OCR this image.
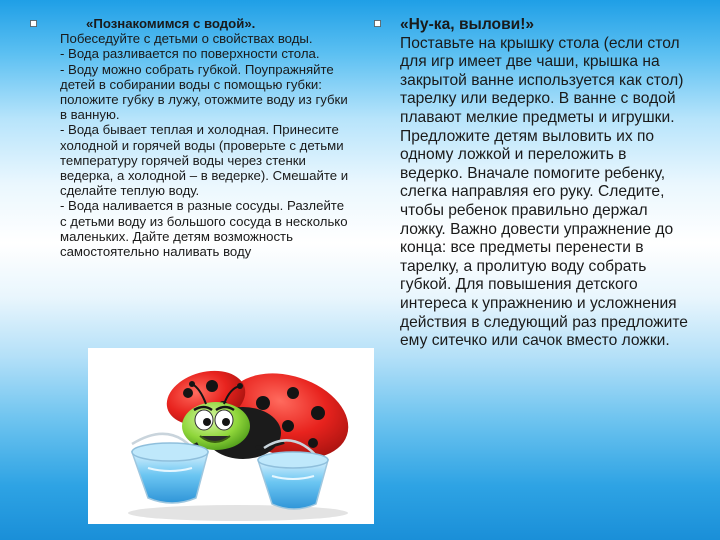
«Познакомимся с водой».
Побеседуйте с детьми о свойствах воды.
- Вода разливается по поверхности стола.
- Воду можно собрать губкой. Поупражняйте детей в собирании воды с помощью губки: положите губку в лужу, отожмите воду из губки в ванную.
- Вода бывает теплая и холодная. Принесите холодной и горячей воды (проверьте с детьми температуру горячей воды через стенки ведерка, а холодной – в ведерке). Смешайте и сделайте теплую воду.
- Вода наливается в разные сосуды. Разлейте с детьми воду из большого сосуда в несколько маленьких. Дайте детям возможность самостоятельно наливать воду
«Ну-ка, вылови!»
Поставьте на крышку стола (если стол для игр имеет две чаши, крышка на закрытой ванне используется как стол) тарелку или ведерко. В ванне с водой плавают мелкие предметы и игрушки. Предложите детям выловить их по одному ложкой и переложить в ведерко. Вначале помогите ребенку, слегка направляя его руку. Следите, чтобы ребенок правильно держал ложку. Важно довести упражнение до конца: все предметы перенести в тарелку, а пролитую воду собрать губкой. Для повышения детского интереса к упражнению и усложнения действия в следующий раз предложите ему ситечко или сачок вместо ложки.
